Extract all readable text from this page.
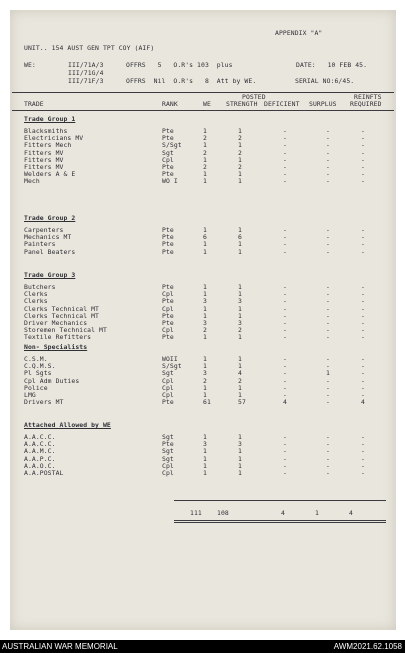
APPENDIX "A"
UNIT.. 154 AUST GEN TPT COY (AIF)
WE:	III/71A/3
III/71G/4
III/71F/3
OFFRS   5   O.R's 103  plus
OFFRS  Nil  O.R's   8  Att by WE.
DATE:   10 FEB 45.
SERIAL NO:6/45.
POSTED	REINFTS
TRADE	RANK	WE STRENGTH DEFICIENT SURPLUS REQUIRED
Trade Group 1
Blacksmiths	Pte	1	1	-	-	-
Electricians MV	Pte	2	2	-	-	-
Fitters Mech	S/Sgt	1	1	-	-	-
Fitters MV	Sgt	2	2	-	-	-
Fitters MV	Cpl	1	1	-	-	-
Fitters MV	Pte	2	2	-	-	-
Welders A & E	Pte	1	1	-	-	-
Mech	WO I	1	1	-	-	-
Trade Group 2
Carpenters	Pte	1	1	-	-	-
Mechanics MT	Pte	6	6	-	-	-
Painters	Pte	1	1	-	-	-
Panel Beaters	Pte	1	1	-	-	-
Trade Group 3
Butchers	Pte	1	1	-	-	-
Clerks	Cpl	1	1	-	-	-
Clerks	Pte	3	3	-	-	-
Clerks Technical MT	Cpl	1	1	-	-	-
Clerks Technical MT	Pte	1	1	-	-	-
Driver Mechanics	Pte	3	3	-	-	-
Storemen Technical MT	Cpl	2	2	-	-	-
Textile Refitters	Pte	1	1	-	-	-
Non- Specialists
C.S.M.	WOII	1	1	-	-	-
C.Q.M.S.	S/Sgt	1	1	-	-	-
Pl Sgts	Sgt	3	4	-	1	-
Cpl Adm Duties	Cpl	2	2	-	-	-
Police	Cpl	1	1	-	-	-
LMG	Cpl	1	1	-	-	-
Drivers MT	Pte	61	57	4	-	4
Attached Allowed by WE
A.A.C.C.	Sgt	1	1	-	-	-
A.A.C.C.	Pte	3	3	-	-	-
A.A.M.C.	Sgt	1	1	-	-	-
A.A.P.C.	Sgt	1	1	-	-	-
A.A.O.C.	Cpl	1	1	-	-	-
A.A.POSTAL	Cpl	1	1	-	-	-
111 108	4	1	4
AUSTRALIAN WAR MEMORIAL	AWM2021.62.1058
